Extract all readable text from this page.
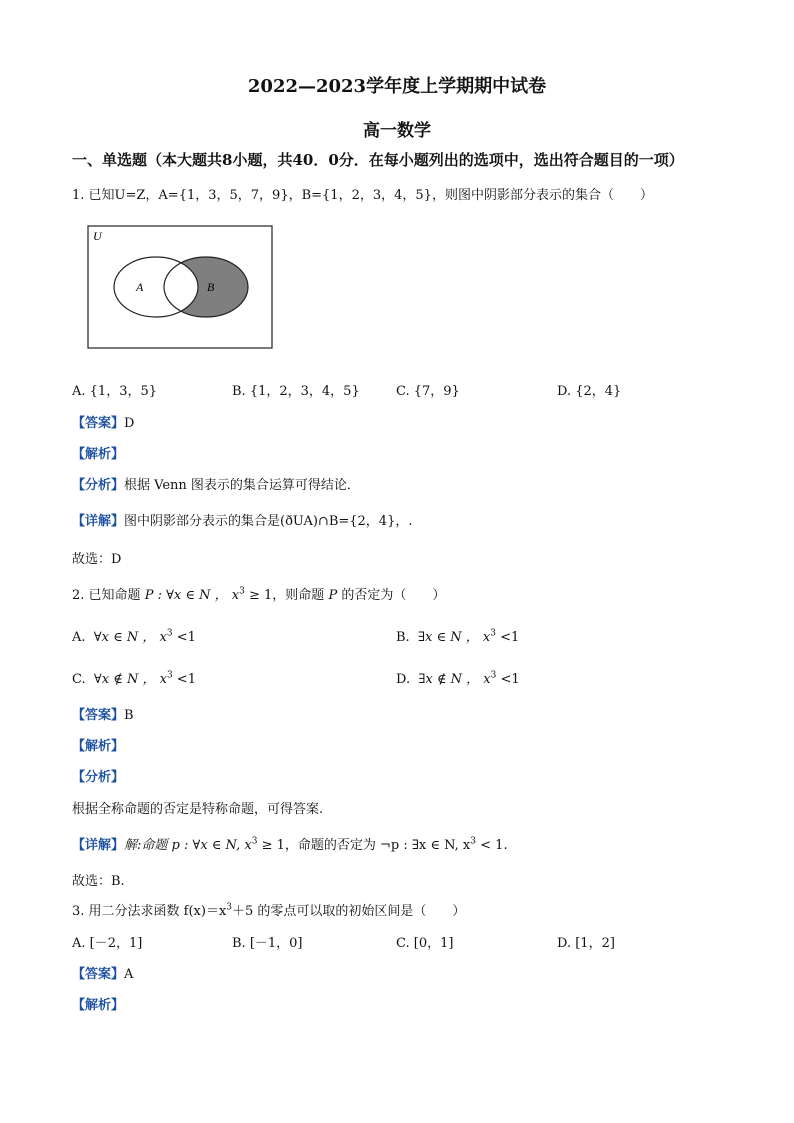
2022—2023学年度上学期期中试卷
高一数学
一、单选题（本大题共8小题，共40．0分．在每小题列出的选项中，选出符合题目的一项）
1. 已知U=Z，A={1，3，5，7，9}，B={1，2，3，4，5}，则图中阴影部分表示的集合（　　）
U
A	B
A. {1，3，5}	B. {1，2，3，4，5}	C. {7，9}	D. {2，4}
【答案】D
【解析】
【分析】根据 Venn 图表示的集合运算可得结论．
【详解】图中阴影部分表示的集合是(ðUA)∩B={2，4}，.
故选：D
2. 已知命题 P : ∀x ∈ N ， $x^3 \ge 1$，则命题 P 的否定为（　　）
A. ∀x ∈ N ， $x^3 <1$	B. ∃x ∈ N ， $x^3 <1$
C. ∀x ∉ N ， $x^3 <1$	D. ∃x ∉ N ， $x^3 <1$
【答案】B
【解析】
【分析】
根据全称命题的否定是特称命题，可得答案.
【详解】解:命题 p : ∀x ∈ N, $x^3 \ge 1$，命题的否定为 ¬p : ∃x ∈ N, $x^3 < 1$.
故选：B.
3. 用二分法求函数 $f(x)=x^3+5$ 的零点可以取的初始区间是（　　）
A. [－2，1]	B. [－1，0]	C. [0，1]	D. [1，2]
【答案】A
【解析】
